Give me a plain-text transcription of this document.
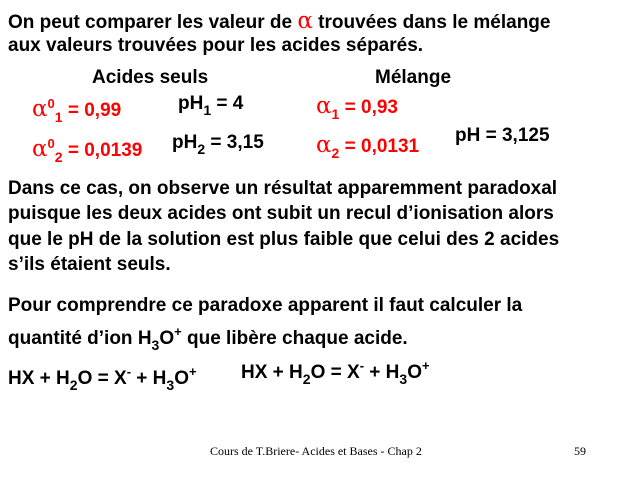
On peut comparer les valeur de α trouvées dans le mélange
aux valeurs trouvées pour les acides séparés.
Acides seuls	Mélange
$\alpha^0_1 = 0,99$
$\alpha^0_2 = 0,0139$
$pH_1 = 4$
$pH_2 = 3,15$
$\alpha_1 = 0,93$
$\alpha_2 = 0,0131$
pH = 3,125
Dans ce cas, on observe un résultat apparemment paradoxal
puisque les deux acides ont subit un recul d’ionisation alors
que le pH de la solution est plus faible que celui des 2 acides
s’ils étaient seuls.
Pour comprendre ce paradoxe apparent il faut calculer la
quantité d’ion $H_3O^+$ que libère chaque acide.
HX + $H_2O = X^- + H_3O^+$ HX + $H_2O = X^- + H_3O^+$
Cours de T.Briere- Acides et Bases - Chap 2	59
